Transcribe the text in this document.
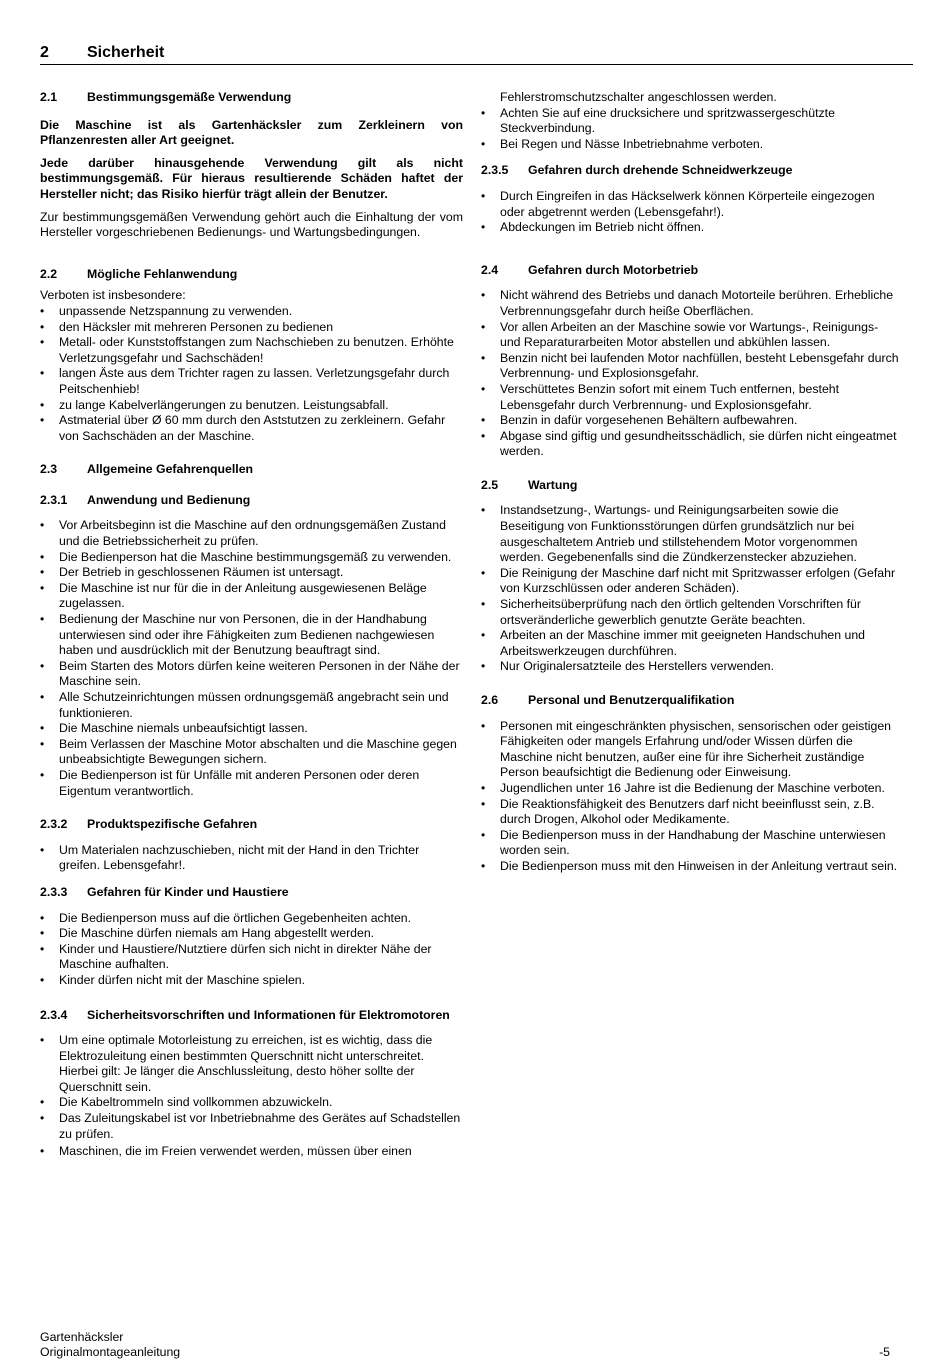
2 Sicherheit
2.1 Bestimmungsgemäße Verwendung

Die Maschine ist als Gartenhäcksler zum Zerkleinern von Pflanzenresten aller Art geeignet.

Jede darüber hinausgehende Verwendung gilt als nicht bestimmungsgemäß. Für hieraus resultierende Schäden haftet der Hersteller nicht; das Risiko hierfür trägt allein der Benutzer.

Zur bestimmungsgemäßen Verwendung gehört auch die Einhaltung der vom Hersteller vorgeschriebenen Bedienungs- und Wartungsbedingungen.

2.2 Mögliche Fehlanwendung

Verboten ist insbesondere:

• unpassende Netzspannung zu verwenden.
• den Häcksler mit mehreren Personen zu bedienen
• Metall- oder Kunststoffstangen zum Nachschieben zu benutzen. Erhöhte Verletzungsgefahr und Sachschäden!
• langen Äste aus dem Trichter ragen zu lassen. Verletzungsgefahr durch Peitschenhieb!
• zu lange Kabelverlängerungen zu benutzen. Leistungsabfall.
• Astmaterial über Ø 60 mm durch den Aststutzen zu zerkleinern. Gefahr von Sachschäden an der Maschine.
2.3 Allgemeine Gefahrenquellen
2.3.1 Anwendung und Bedienung
• Vor Arbeitsbeginn ist die Maschine auf den ordnungsgemäßen Zustand und die Betriebssicherheit zu prüfen.
• Die Bedienperson hat die Maschine bestimmungsgemäß zu verwenden.
• Der Betrieb in geschlossenen Räumen ist untersagt.
• Die Maschine ist nur für die in der Anleitung ausgewiesenen Beläge zugelassen.
• Bedienung der Maschine nur von Personen, die in der Handhabung unterwiesen sind oder ihre Fähigkeiten zum Bedienen nachgewiesen haben und ausdrücklich mit der Benutzung beauftragt sind.
• Beim Starten des Motors dürfen keine weiteren Personen in der Nähe der Maschine sein.
• Alle Schutzeinrichtungen müssen ordnungsgemäß angebracht sein und funktionieren.
• Die Maschine niemals unbeaufsichtigt lassen.
• Beim Verlassen der Maschine Motor abschalten und die Maschine gegen unbeabsichtigte Bewegungen sichern.
• Die Bedienperson ist für Unfälle mit anderen Personen oder deren Eigentum verantwortlich.
2.3.2 Produktspezifische Gefahren
• Um Materialen nachzuschieben, nicht mit der Hand in den Trichter greifen. Lebensgefahr!.
2.3.3 Gefahren für Kinder und Haustiere
• Die Bedienperson muss auf die örtlichen Gegebenheiten achten.
• Die Maschine dürfen niemals am Hang abgestellt werden.
• Kinder und Haustiere/Nutztiere dürfen sich nicht in direkter Nähe der Maschine aufhalten.
• Kinder dürfen nicht mit der Maschine spielen.
2.3.4 Sicherheitsvorschriften und Informationen für Elektromotoren
• Um eine optimale Motorleistung zu erreichen, ist es wichtig, dass die Elektrozuleitung einen bestimmten Querschnitt nicht unterschreitet. Hierbei gilt: Je länger die Anschlussleitung, desto höher sollte der Querschnitt sein.
• Die Kabeltrommeln sind vollkommen abzuwickeln.
• Das Zuleitungskabel ist vor Inbetriebnahme des Gerätes auf Schadstellen zu prüfen.
• Maschinen, die im Freien verwendet werden, müssen über einen

Fehlerstromschutzschalter angeschlossen werden.

• Achten Sie auf eine drucksichere und spritzwassergeschützte Steckverbindung.
• Bei Regen und Nässe Inbetriebnahme verboten.
2.3.5 Gefahren durch drehende Schneidwerkzeuge
• Durch Eingreifen in das Häckselwerk können Körperteile eingezogen oder abgetrennt werden (Lebensgefahr!).
• Abdeckungen im Betrieb nicht öffnen.
2.4 Gefahren durch Motorbetrieb
• Nicht während des Betriebs und danach Motorteile berühren. Erhebliche Verbrennungsgefahr durch heiße Oberflächen.
• Vor allen Arbeiten an der Maschine sowie vor Wartungs-, Reinigungs- und Reparaturarbeiten Motor abstellen und abkühlen lassen.
• Benzin nicht bei laufenden Motor nachfüllen, besteht Lebensgefahr durch Verbrennung- und Explosionsgefahr.
• Verschüttetes Benzin sofort mit einem Tuch entfernen, besteht Lebensgefahr durch Verbrennung- und Explosionsgefahr.
• Benzin in dafür vorgesehenen Behältern aufbewahren.
• Abgase sind giftig und gesundheitsschädlich, sie dürfen nicht eingeatmet werden.
2.5 Wartung
• Instandsetzung-, Wartungs- und Reinigungsarbeiten sowie die Beseitigung von Funktionsstörungen dürfen grundsätzlich nur bei ausgeschaltetem Antrieb und stillstehendem Motor vorgenommen werden. Gegebenenfalls sind die Zündkerzenstecker abzuziehen.
• Die Reinigung der Maschine darf nicht mit Spritzwasser erfolgen (Gefahr von Kurzschlüssen oder anderen Schäden).
• Sicherheitsüberprüfung nach den örtlich geltenden Vorschriften für ortsveränderliche gewerblich genutzte Geräte beachten.
• Arbeiten an der Maschine immer mit geeigneten Handschuhen und Arbeitswerkzeugen durchführen.
• Nur Originalersatzteile des Herstellers verwenden.
2.6 Personal und Benutzerqualifikation
• Personen mit eingeschränkten physischen, sensorischen oder geistigen Fähigkeiten oder mangels Erfahrung und/oder Wissen dürfen die Maschine nicht benutzen, außer eine für ihre Sicherheit zuständige Person beaufsichtigt die Bedienung oder Einweisung.
• Jugendlichen unter 16 Jahre ist die Bedienung der Maschine verboten.
• Die Reaktionsfähigkeit des Benutzers darf nicht beeinflusst sein, z.B. durch Drogen, Alkohol oder Medikamente.
• Die Bedienperson muss in der Handhabung der Maschine unterwiesen worden sein.
• Die Bedienperson muss mit den Hinweisen in der Anleitung vertraut sein.
Gartenhäcksler
Originalmontageanleitung	-5
